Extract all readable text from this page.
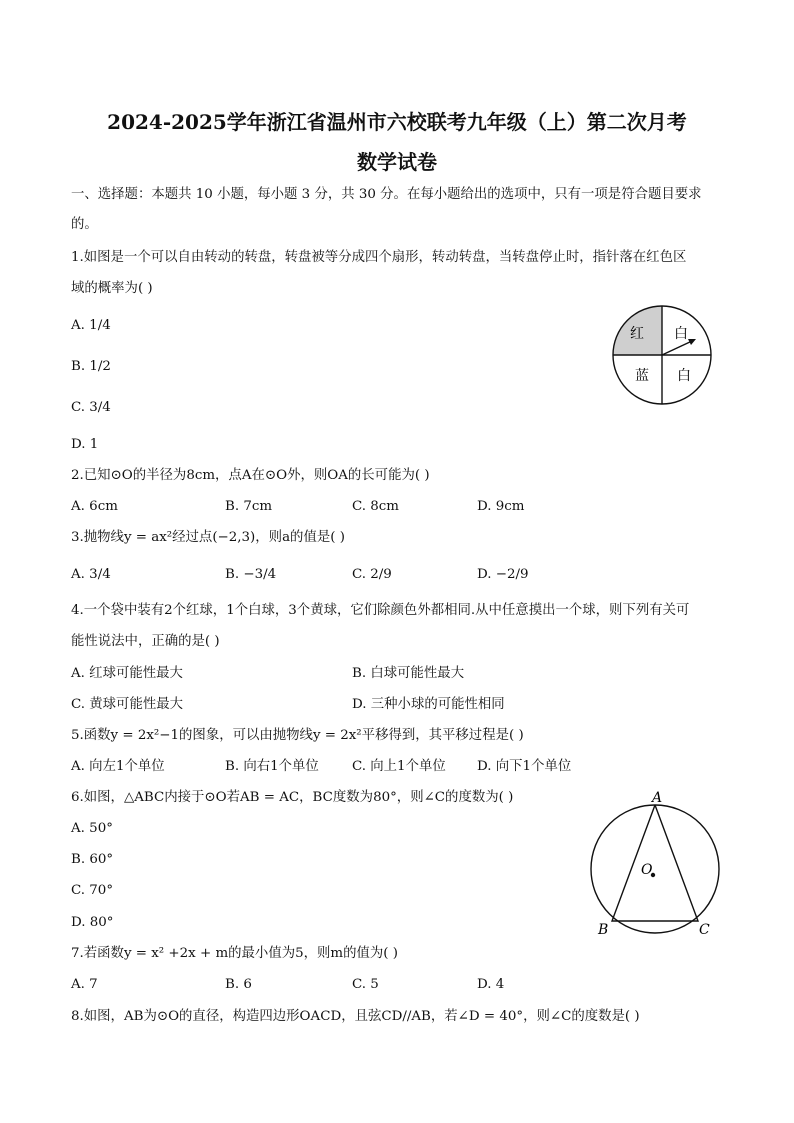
2024-2025学年浙江省温州市六校联考九年级（上）第二次月考
数学试卷
一、选择题：本题共 10 小题，每小题 3 分，共 30 分。在每小题给出的选项中，只有一项是符合题目要求
的。
1.如图是一个可以自由转动的转盘，转盘被等分成四个扇形，转动转盘，当转盘停止时，指针落在红色区
域的概率为( )
A. 1/4
B. 1/2
C. 3/4
D. 1
红 白
蓝 白
2.已知⊙O的半径为8cm，点A在⊙O外，则OA的长可能为( )
A. 6cm	B. 7cm	C. 8cm	D. 9cm
3.抛物线y = ax²经过点(−2,3)，则a的值是( )
A. 3/4	B. −3/4	C. 2/9	D. −2/9
4.一个袋中装有2个红球，1个白球，3个黄球，它们除颜色外都相同.从中任意摸出一个球，则下列有关可
能性说法中，正确的是( )
A. 红球可能性最大	B. 白球可能性最大
C. 黄球可能性最大	D. 三种小球的可能性相同
5.函数y = 2x²−1的图象，可以由抛物线y = 2x²平移得到，其平移过程是( )
A. 向左1个单位	B. 向右1个单位 C. 向上1个单位 D. 向下1个单位
6.如图，△ABC内接于⊙O若AB = AC，BC度数为80°，则∠C的度数为( )
A. 50°
B. 60°
C. 70°
D. 80°
A
O
B	C
7.若函数y = x² +2x + m的最小值为5，则m的值为( )
A. 7	B. 6	C. 5	D. 4
8.如图，AB为⊙O的直径，构造四边形OACD，且弦CD//AB，若∠D = 40°，则∠C的度数是( )
